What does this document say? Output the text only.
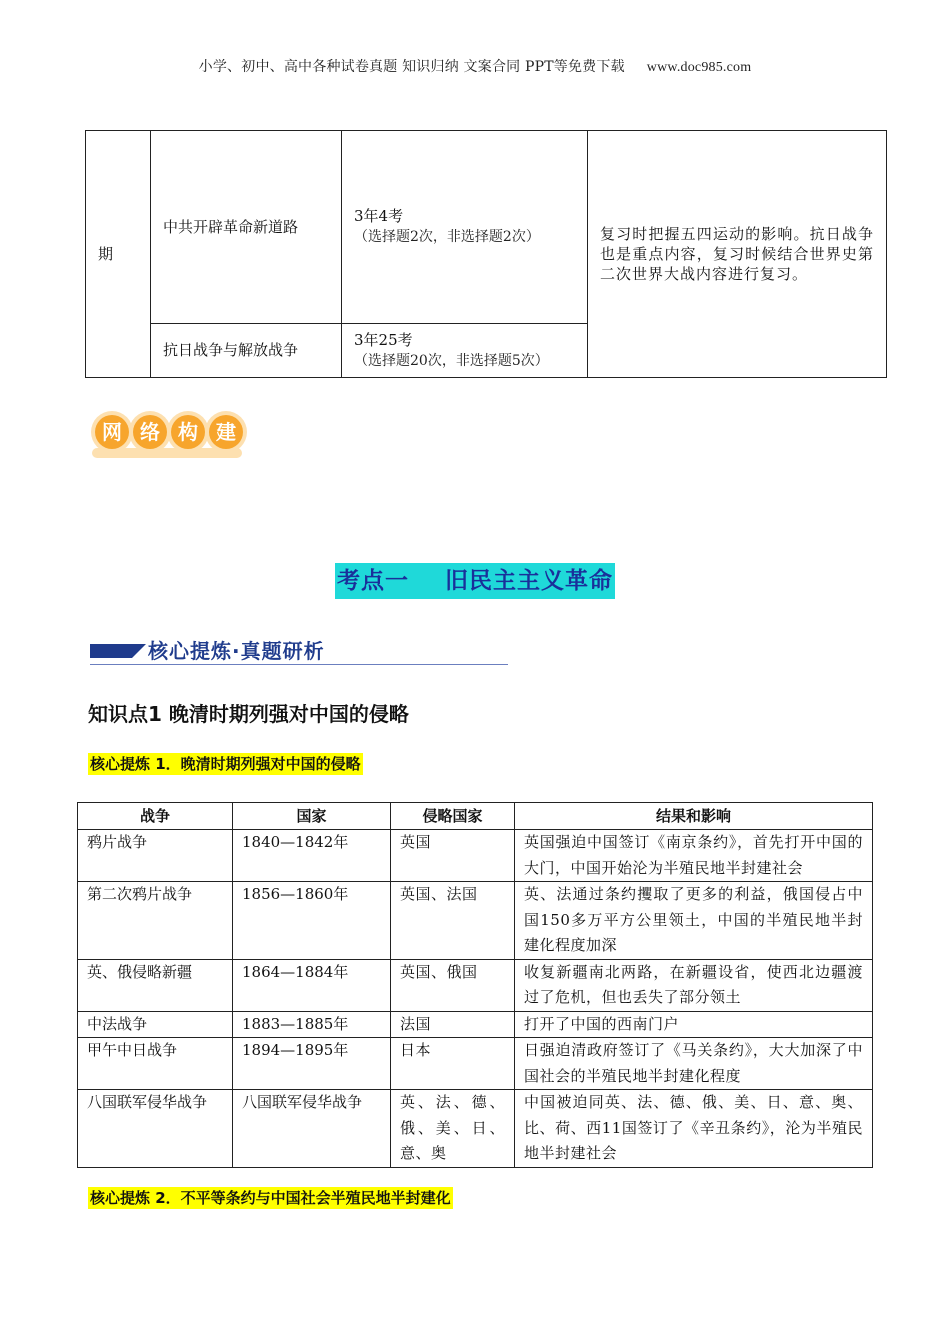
小学、初中、高中各种试卷真题 知识归纳 文案合同 PPT等免费下载 www.doc985.com
期	中共开辟革命新道路	3年4考
（选择题2次，非选择题2次）	复习时把握五四运动的影响。抗日战争也是重点内容，复习时候结合世界史第二次世界大战内容进行复习。
	抗日战争与解放战争	3年25考
（选择题20次，非选择题5次）	
网 络 构 建
考点一    旧民主主义革命
核心提炼·真题研析
知识点1 晚清时期列强对中国的侵略
核心提炼 1．晚清时期列强对中国的侵略
战争	国家	侵略国家	结果和影响
鸦片战争	1840—1842年	英国	英国强迫中国签订《南京条约》，首先打开中国的大门，中国开始沦为半殖民地半封建社会
第二次鸦片战争	1856—1860年	英国、法国	英、法通过条约攫取了更多的利益，俄国侵占中国150多万平方公里领土，中国的半殖民地半封建化程度加深
英、俄侵略新疆	1864—1884年	英国、俄国	收复新疆南北两路，在新疆设省，使西北边疆渡过了危机，但也丢失了部分领土
中法战争	1883—1885年	法国	打开了中国的西南门户
甲午中日战争	1894—1895年	日本	日强迫清政府签订了《马关条约》，大大加深了中国社会的半殖民地半封建化程度
八国联军侵华战争	八国联军侵华战争	英、法、德、俄、美、日、意、奥	中国被迫同英、法、德、俄、美、日、意、奥、比、荷、西11国签订了《辛丑条约》，沦为半殖民地半封建社会
核心提炼 2．不平等条约与中国社会半殖民地半封建化
